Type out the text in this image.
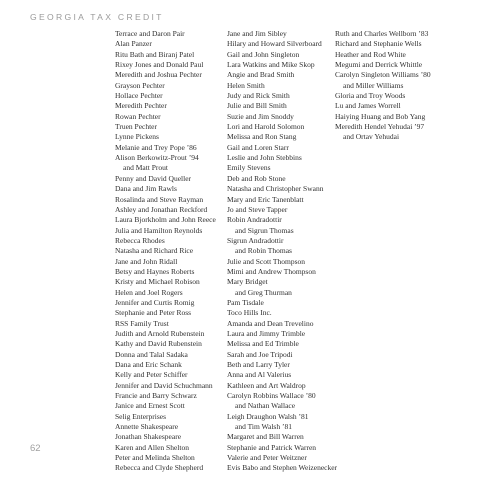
GEORGIA TAX CREDIT
Terrace and Daron Pair
Alan Panzer
Ritu Bath and Biranj Patel
Rixey Jones and Donald Paul
Meredith and Joshua Pechter
Grayson Pechter
Hollace Pechter
Meredith Pechter
Rowan Pechter
Truen Pechter
Lynne Pickens
Melanie and Trey Pope ’86
Alison Berkowitz-Prout ’94
and Matt Prout
Penny and David Queller
Dana and Jim Rawls
Rosalinda and Steve Rayman
Ashley and Jonathan Reckford
Laura Bjorkholm and John Reece
Julia and Hamilton Reynolds
Rebecca Rhodes
Natasha and Richard Rice
Jane and John Ridall
Betsy and Haynes Roberts
Kristy and Michael Robison
Helen and Joel Rogers
Jennifer and Curtis Romig
Stephanie and Peter Ross
RSS Family Trust
Judith and Arnold Rubenstein
Kathy and David Rubenstein
Donna and Talal Sadaka
Dana and Eric Schank
Kelly and Peter Schiffer
Jennifer and David Schuchmann
Francie and Barry Schwarz
Janice and Ernest Scott
Selig Enterprises
Annette Shakespeare
Jonathan Shakespeare
Karen and Allen Shelton
Peter and Melinda Shelton
Rebecca and Clyde Shepherd
Jane and Jim Sibley
Hilary and Howard Silverboard
Gail and John Singleton
Lara Watkins and Mike Skop
Angie and Brad Smith
Helen Smith
Judy and Rick Smith
Julie and Bill Smith
Suzie and Jim Snoddy
Lori and Harold Solomon
Melissa and Ron Stang
Gail and Loren Starr
Leslie and John Stebbins
Emily Stevens
Deb and Rob Stone
Natasha and Christopher Swann
Mary and Eric Tanenblatt
Jo and Steve Tapper
Robin Andradottir
and Sigrun Thomas
Sigrun Andradottir
and Robin Thomas
Julie and Scott Thompson
Mimi and Andrew Thompson
Mary Bridget
and Greg Thurman
Pam Tisdale
Toco Hills Inc.
Amanda and Dean Trevelino
Laura and Jimmy Trimble
Melissa and Ed Trimble
Sarah and Joe Tripodi
Beth and Larry Tyler
Anna and Al Valerius
Kathleen and Art Waldrop
Carolyn Robbins Wallace ’80
and Nathan Wallace
Leigh Draughon Walsh ’81
and Tim Walsh ’81
Margaret and Bill Warren
Stephanie and Patrick Warren
Valerie and Peter Weitzner
Evis Babo and Stephen Weizenecker
Ruth and Charles Wellborn ’83
Richard and Stephanie Wells
Heather and Rod White
Megumi and Derrick Whittle
Carolyn Singleton Williams ’80
and Miller Williams
Gloria and Troy Woods
Lu and James Worrell
Haiying Huang and Bob Yang
Meredith Hendel Yehudai ’97
and Ortav Yehudai
62
